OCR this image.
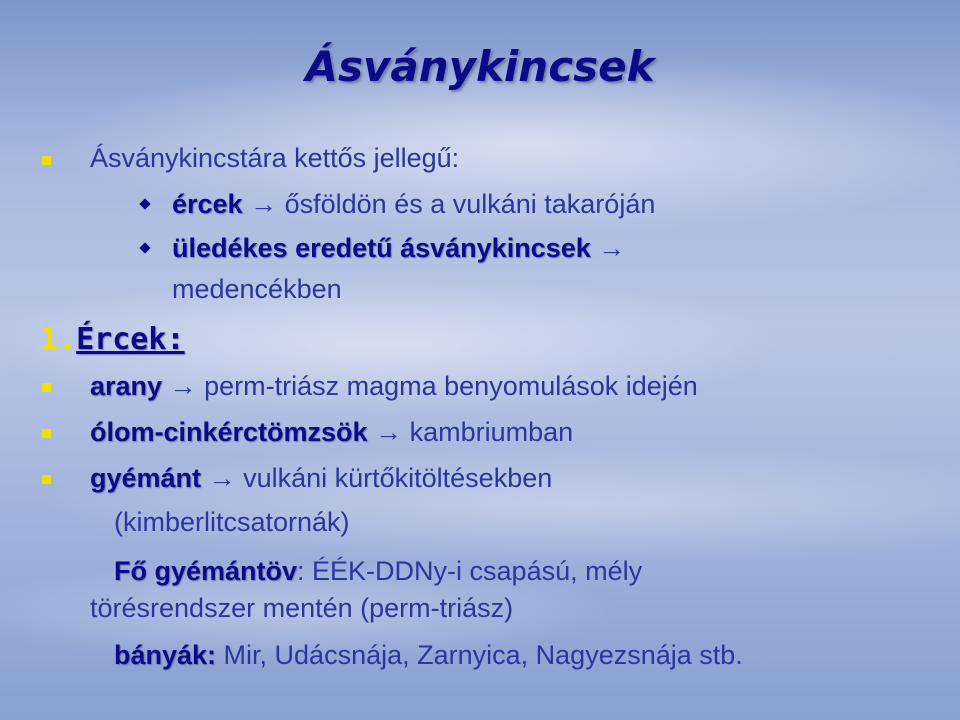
Ásványkincsek
Ásványkincstára kettős jellegű:
ércek → ősföldön és a vulkáni takaróján
üledékes eredetű ásványkincsek →
medencékben
1.Ércek:
arany → perm-triász magma benyomulások idején
ólom-cinkérctömzsök → kambriumban
gyémánt → vulkáni kürtőkitöltésekben
(kimberlitcsatornák)
Fő gyémántöv: ÉÉK-DDNy-i csapású, mély
törésrendszer mentén (perm-triász)
bányák: Mir, Udácsnája, Zarnyica, Nagyezsnája stb.
